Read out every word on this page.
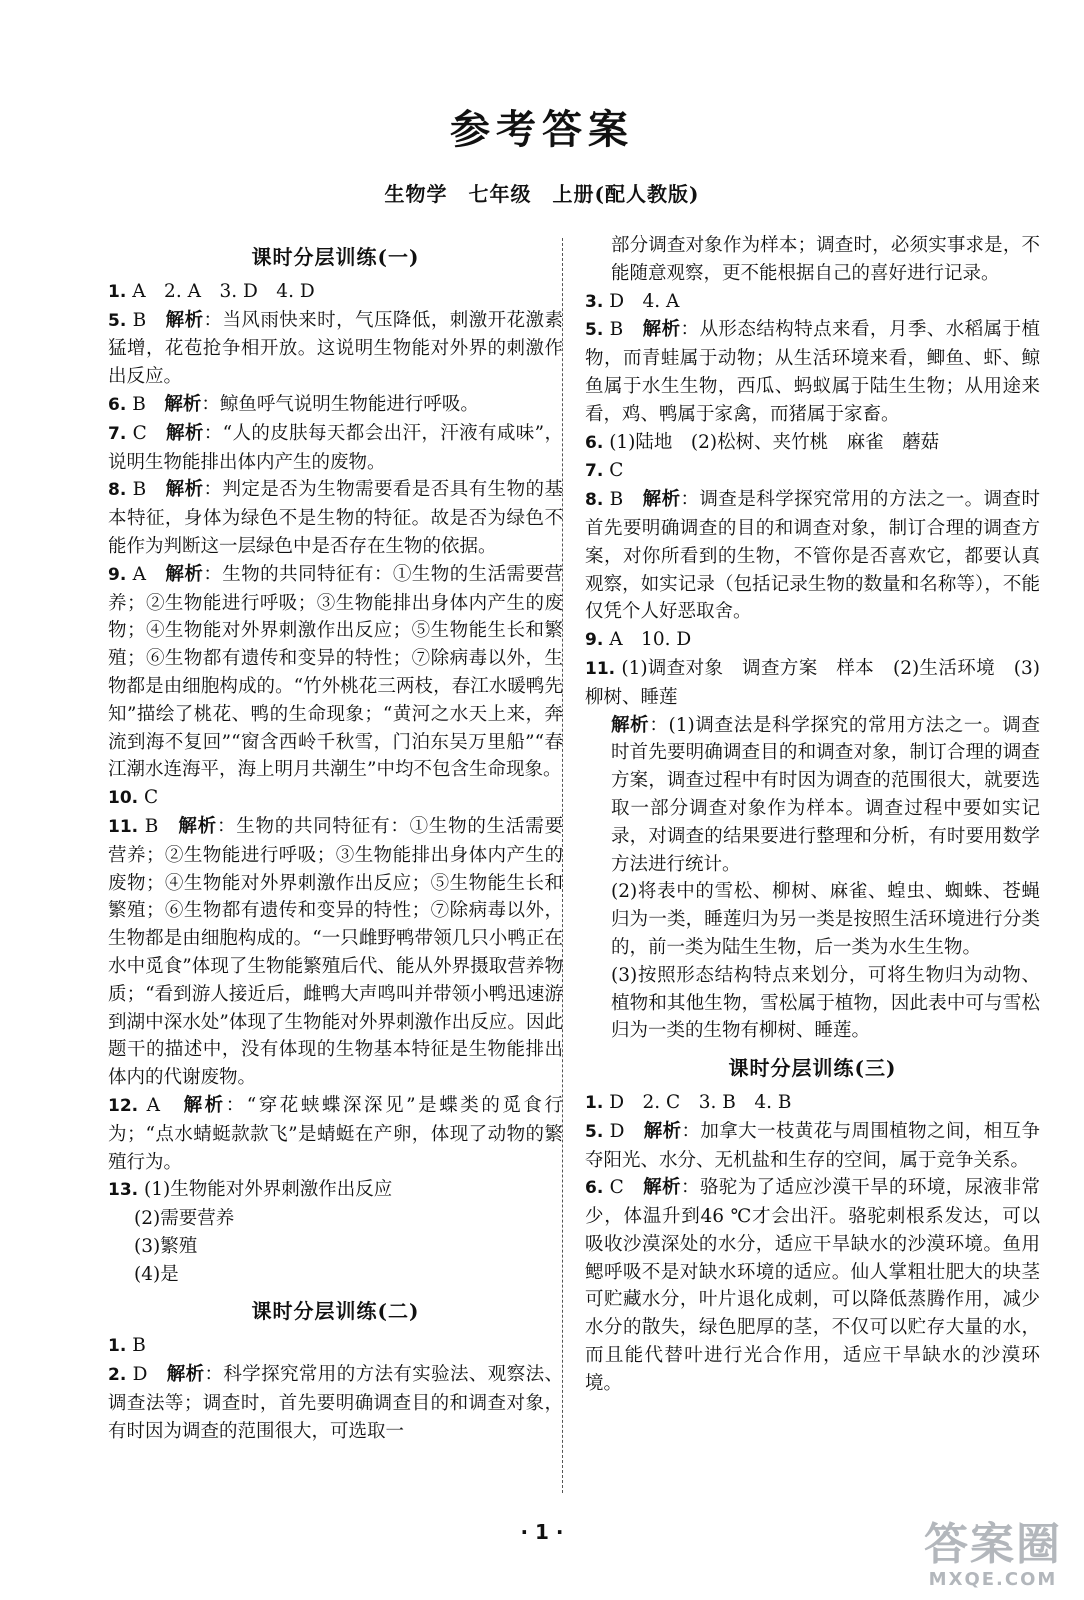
参考答案
生物学　七年级　上册(配人教版)
课时分层训练(一)
1. A　2. A　3. D　4. D
5. B　 解析：当风雨快来时，气压降低，刺激开花激素猛增，花苞抢争相开放。这说明生物能对外界的刺激作出反应。
6. B　 解析：鲸鱼呼气说明生物能进行呼吸。
7. C　 解析：“人的皮肤每天都会出汗，汗液有咸味”，说明生物能排出体内产生的废物。
8. B　 解析：判定是否为生物需要看是否具有生物的基本特征，身体为绿色不是生物的特征。故是否为绿色不能作为判断这一层绿色中是否存在生物的依据。
9. A　 解析：生物的共同特征有：①生物的生活需要营养；②生物能进行呼吸；③生物能排出身体内产生的废物；④生物能对外界刺激作出反应；⑤生物能生长和繁殖；⑥生物都有遗传和变异的特性；⑦除病毒以外，生物都是由细胞构成的。“竹外桃花三两枝，春江水暖鸭先知”描绘了桃花、鸭的生命现象；“黄河之水天上来，奔流到海不复回”“窗含西岭千秋雪，门泊东吴万里船”“春江潮水连海平，海上明月共潮生”中均不包含生命现象。
10. C　
11. B　 解析：生物的共同特征有：①生物的生活需要营养；②生物能进行呼吸；③生物能排出身体内产生的废物；④生物能对外界刺激作出反应；⑤生物能生长和繁殖；⑥生物都有遗传和变异的特性；⑦除病毒以外，生物都是由细胞构成的。“一只雌野鸭带领几只小鸭正在水中觅食”体现了生物能繁殖后代、能从外界摄取营养物质；“看到游人接近后，雌鸭大声鸣叫并带领小鸭迅速游到湖中深水处”体现了生物能对外界刺激作出反应。因此题干的描述中，没有体现的生物基本特征是生物能排出体内的代谢废物。
12. A　 解析：“穿花蛱蝶深深见”是蝶类的觅食行为；“点水蜻蜓款款飞”是蜻蜓在产卵，体现了动物的繁殖行为。
13. (1)生物能对外界刺激作出反应
(2)需要营养
(3)繁殖
(4)是
课时分层训练(二)
1. B　
2. D　 解析：科学探究常用的方法有实验法、观察法、调查法等；调查时，首先要明确调查目的和调查对象，有时因为调查的范围很大，可选取一
部分调查对象作为样本；调查时，必须实事求是，不能随意观察，更不能根据自己的喜好进行记录。
3. D　4. A
5. B　 解析：从形态结构特点来看，月季、水稻属于植物，而青蛙属于动物；从生活环境来看，鲫鱼、虾、鲸鱼属于水生生物，西瓜、蚂蚁属于陆生生物；从用途来看，鸡、鸭属于家禽，而猪属于家畜。
6. (1)陆地　(2)松树、夹竹桃　麻雀　蘑菇
7. C　
8. B　 解析：调查是科学探究常用的方法之一。调查时首先要明确调查的目的和调查对象，制订合理的调查方案，对你所看到的生物，不管你是否喜欢它，都要认真观察，如实记录（包括记录生物的数量和名称等），不能仅凭个人好恶取舍。
9. A　10. D
11. (1)调查对象　调查方案　样本　(2)生活环境　(3)柳树、睡莲
解析：(1)调查法是科学探究的常用方法之一。调查时首先要明确调查目的和调查对象，制订合理的调查方案，调查过程中有时因为调查的范围很大，就要选取一部分调查对象作为样本。调查过程中要如实记录，对调查的结果要进行整理和分析，有时要用数学方法进行统计。
(2)将表中的雪松、柳树、麻雀、蝗虫、蜘蛛、苍蝇归为一类，睡莲归为另一类是按照生活环境进行分类的，前一类为陆生生物，后一类为水生生物。
(3)按照形态结构特点来划分，可将生物归为动物、植物和其他生物，雪松属于植物，因此表中可与雪松归为一类的生物有柳树、睡莲。
课时分层训练(三)
1. D　2. C　3. B　4. B
5. D　 解析：加拿大一枝黄花与周围植物之间，相互争夺阳光、水分、无机盐和生存的空间，属于竞争关系。
6. C　 解析：骆驼为了适应沙漠干旱的环境，尿液非常少，体温升到46 ℃才会出汗。骆驼刺根系发达，可以吸收沙漠深处的水分，适应干旱缺水的沙漠环境。鱼用鳃呼吸不是对缺水环境的适应。仙人掌粗壮肥大的块茎可贮藏水分，叶片退化成刺，可以降低蒸腾作用，减少水分的散失，绿色肥厚的茎，不仅可以贮存大量的水，而且能代替叶进行光合作用，适应干旱缺水的沙漠环境。
· 1 ·	答案圈
MXQE.COM
